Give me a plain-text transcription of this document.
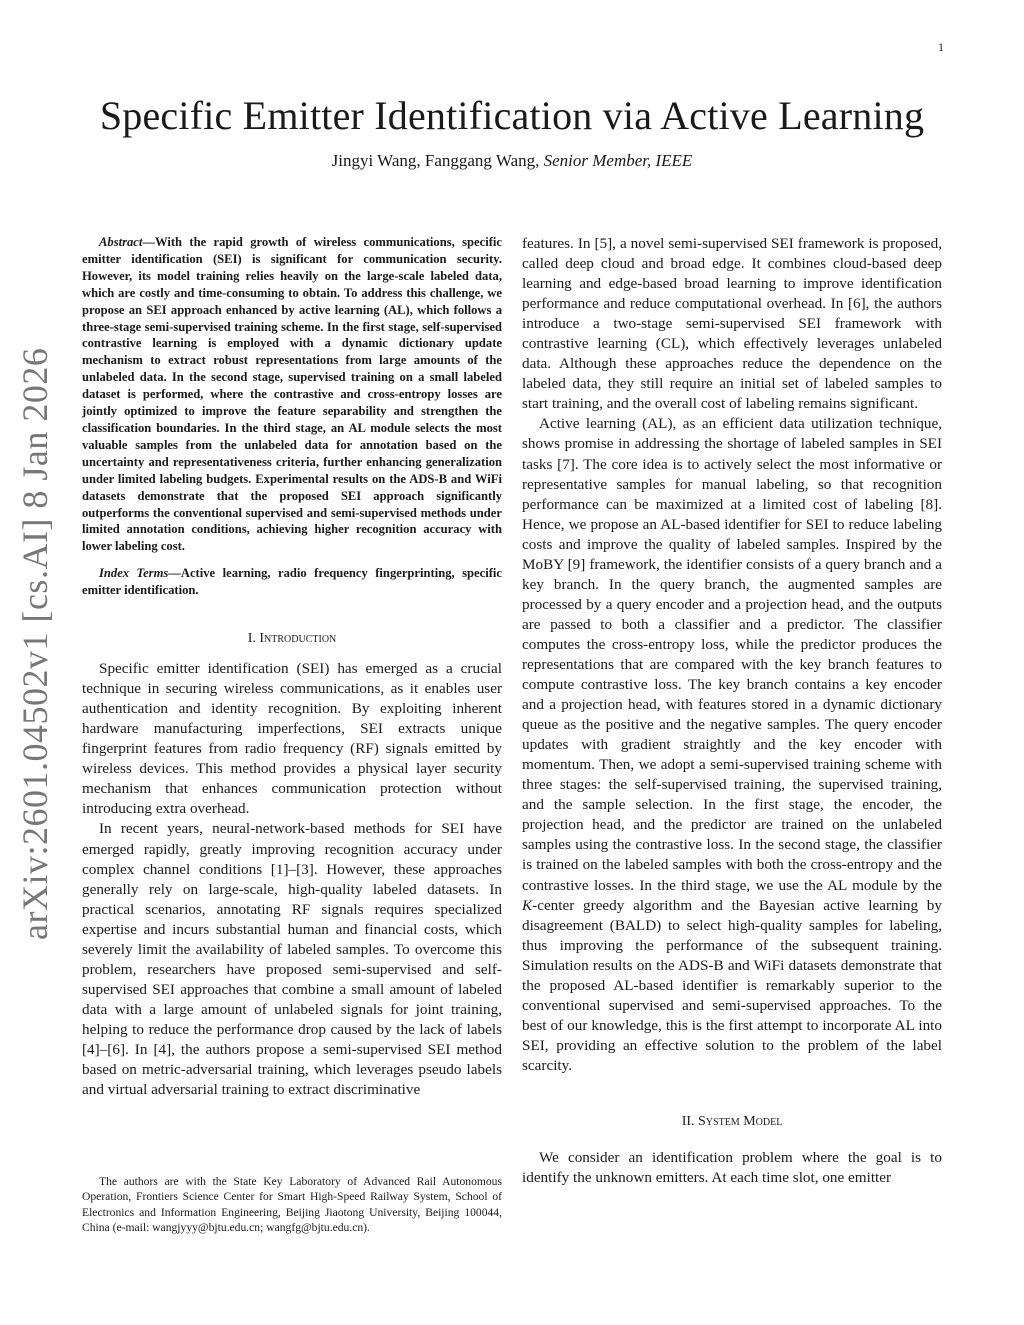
1
arXiv:2601.04502v1 [cs.AI] 8 Jan 2026
Specific Emitter Identification via Active Learning
Jingyi Wang, Fanggang Wang, Senior Member, IEEE

Abstract—With the rapid growth of wireless communications, specific emitter identification (SEI) is significant for communication security. However, its model training relies heavily on the large-scale labeled data, which are costly and time-consuming to obtain. To address this challenge, we propose an SEI approach enhanced by active learning (AL), which follows a three-stage semi-supervised training scheme. In the first stage, self-supervised contrastive learning is employed with a dynamic dictionary update mechanism to extract robust representations from large amounts of the unlabeled data. In the second stage, supervised training on a small labeled dataset is performed, where the contrastive and cross-entropy losses are jointly optimized to improve the feature separability and strengthen the classification boundaries. In the third stage, an AL module selects the most valuable samples from the unlabeled data for annotation based on the uncertainty and representativeness criteria, further enhancing generalization under limited labeling budgets. Experimental results on the ADS-B and WiFi datasets demonstrate that the proposed SEI approach significantly outperforms the conventional supervised and semi-supervised methods under limited annotation conditions, achieving higher recognition accuracy with lower labeling cost.

Index Terms—Active learning, radio frequency fingerprinting, specific emitter identification.

I. Introduction

Specific emitter identification (SEI) has emerged as a crucial technique in securing wireless communications, as it enables user authentication and identity recognition. By exploiting inherent hardware manufacturing imperfections, SEI extracts unique fingerprint features from radio frequency (RF) signals emitted by wireless devices. This method provides a physical layer security mechanism that enhances communication protection without introducing extra overhead.

In recent years, neural-network-based methods for SEI have emerged rapidly, greatly improving recognition accuracy under complex channel conditions [1]–[3]. However, these approaches generally rely on large-scale, high-quality labeled datasets. In practical scenarios, annotating RF signals requires specialized expertise and incurs substantial human and financial costs, which severely limit the availability of labeled samples. To overcome this problem, researchers have proposed semi-supervised and self-supervised SEI approaches that combine a small amount of labeled data with a large amount of unlabeled signals for joint training, helping to reduce the performance drop caused by the lack of labels [4]–[6]. In [4], the authors propose a semi-supervised SEI method based on metric-adversarial training, which leverages pseudo labels and virtual adversarial training to extract discriminative

features. In [5], a novel semi-supervised SEI framework is proposed, called deep cloud and broad edge. It combines cloud-based deep learning and edge-based broad learning to improve identification performance and reduce computational overhead. In [6], the authors introduce a two-stage semi-supervised SEI framework with contrastive learning (CL), which effectively leverages unlabeled data. Although these approaches reduce the dependence on the labeled data, they still require an initial set of labeled samples to start training, and the overall cost of labeling remains significant.

Active learning (AL), as an efficient data utilization technique, shows promise in addressing the shortage of labeled samples in SEI tasks [7]. The core idea is to actively select the most informative or representative samples for manual labeling, so that recognition performance can be maximized at a limited cost of labeling [8]. Hence, we propose an AL-based identifier for SEI to reduce labeling costs and improve the quality of labeled samples. Inspired by the MoBY [9] framework, the identifier consists of a query branch and a key branch. In the query branch, the augmented samples are processed by a query encoder and a projection head, and the outputs are passed to both a classifier and a predictor. The classifier computes the cross-entropy loss, while the predictor produces the representations that are compared with the key branch features to compute contrastive loss. The key branch contains a key encoder and a projection head, with features stored in a dynamic dictionary queue as the positive and the negative samples. The query encoder updates with gradient straightly and the key encoder with momentum. Then, we adopt a semi-supervised training scheme with three stages: the self-supervised training, the supervised training, and the sample selection. In the first stage, the encoder, the projection head, and the predictor are trained on the unlabeled samples using the contrastive loss. In the second stage, the classifier is trained on the labeled samples with both the cross-entropy and the contrastive losses. In the third stage, we use the AL module by the K-center greedy algorithm and the Bayesian active learning by disagreement (BALD) to select high-quality samples for labeling, thus improving the performance of the subsequent training. Simulation results on the ADS-B and WiFi datasets demonstrate that the proposed AL-based identifier is remarkably superior to the conventional supervised and semi-supervised approaches. To the best of our knowledge, this is the first attempt to incorporate AL into SEI, providing an effective solution to the problem of the label scarcity.

II. System Model

We consider an identification problem where the goal is to identify the unknown emitters. At each time slot, one emitter

The authors are with the State Key Laboratory of Advanced Rail Autonomous Operation, Frontiers Science Center for Smart High-Speed Railway System, School of Electronics and Information Engineering, Beijing Jiaotong University, Beijing 100044, China (e-mail: wangjyyy@bjtu.edu.cn; wangfg@bjtu.edu.cn).
